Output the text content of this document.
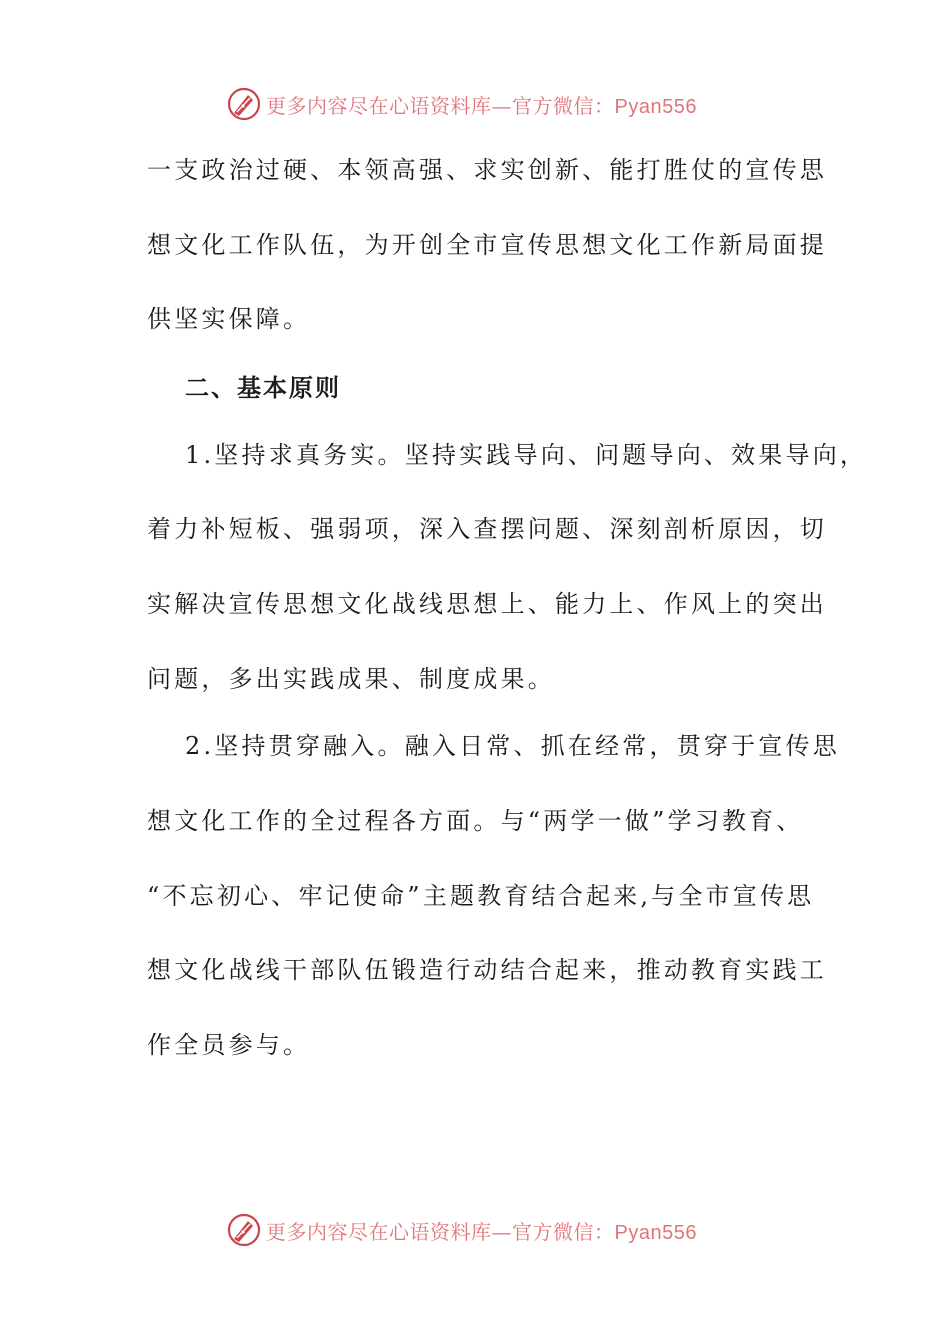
更多内容尽在心语资料库—官方微信：Pyan556
一支政治过硬、本领高强、求实创新、能打胜仗的宣传思
想文化工作队伍，为开创全市宣传思想文化工作新局面提
供坚实保障。
二、基本原则
1.坚持求真务实。坚持实践导向、问题导向、效果导向，
着力补短板、强弱项，深入查摆问题、深刻剖析原因，切
实解决宣传思想文化战线思想上、能力上、作风上的突出
问题，多出实践成果、制度成果。
2.坚持贯穿融入。融入日常、抓在经常，贯穿于宣传思
想文化工作的全过程各方面。与“两学一做”学习教育、
“不忘初心、牢记使命”主题教育结合起来,与全市宣传思
想文化战线干部队伍锻造行动结合起来，推动教育实践工
作全员参与。
更多内容尽在心语资料库—官方微信：Pyan556
